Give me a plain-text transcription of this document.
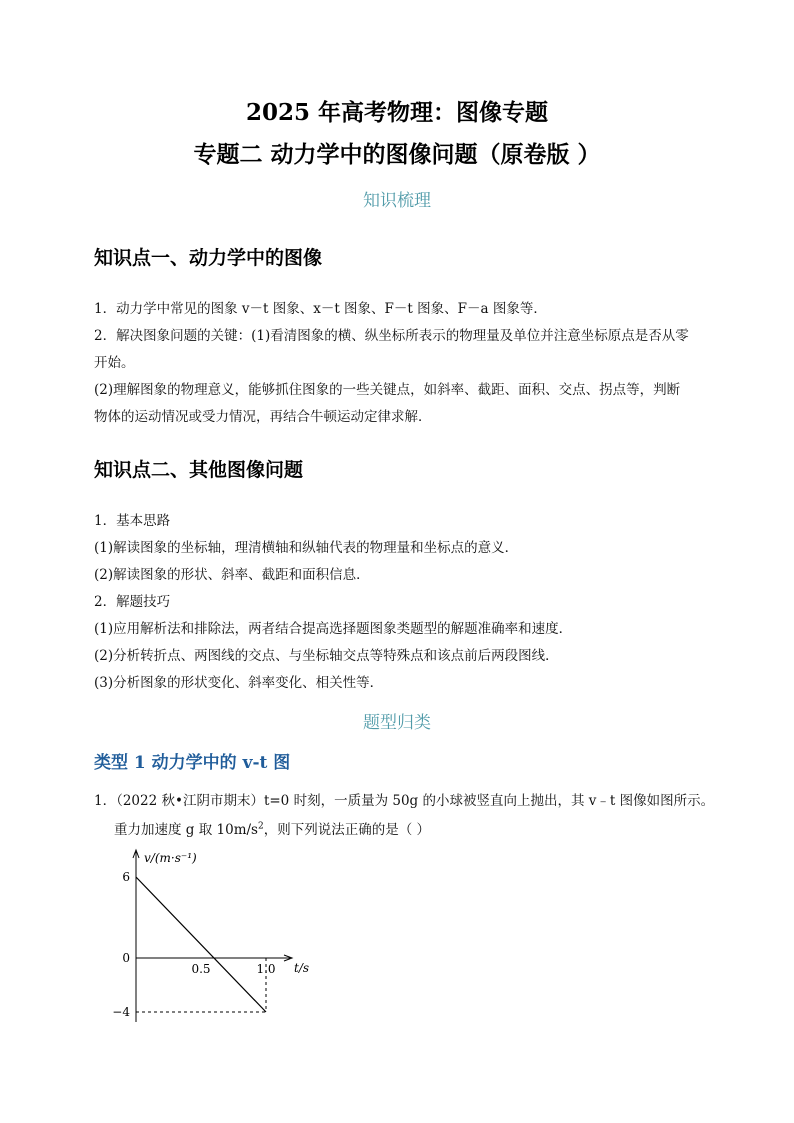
2025 年高考物理：图像专题
专题二 动力学中的图像问题（原卷版 ）
知识梳理
知识点一、动力学中的图像
1．动力学中常见的图象 v－t 图象、x－t 图象、F－t 图象、F－a 图象等．
2．解决图象问题的关键：(1)看清图象的横、纵坐标所表示的物理量及单位并注意坐标原点是否从零
开始。
(2)理解图象的物理意义，能够抓住图象的一些关键点，如斜率、截距、面积、交点、拐点等，判断
物体的运动情况或受力情况，再结合牛顿运动定律求解．
知识点二、其他图像问题
1．基本思路
(1)解读图象的坐标轴，理清横轴和纵轴代表的物理量和坐标点的意义．
(2)解读图象的形状、斜率、截距和面积信息．
2．解题技巧
(1)应用解析法和排除法，两者结合提高选择题图象类题型的解题准确率和速度．
(2)分析转折点、两图线的交点、与坐标轴交点等特殊点和该点前后两段图线．
(3)分析图象的形状变化、斜率变化、相关性等．
题型归类
类型 1 动力学中的 v-t 图
1．（2022 秋•江阴市期末）t=0 时刻，一质量为 50g 的小球被竖直向上抛出，其 v﹣t 图像如图所示。
重力加速度 g 取 $10m/s^2$，则下列说法正确的是（ ）
6
0
−4
0.5	1.0
v/(m·s⁻¹)
t/s
